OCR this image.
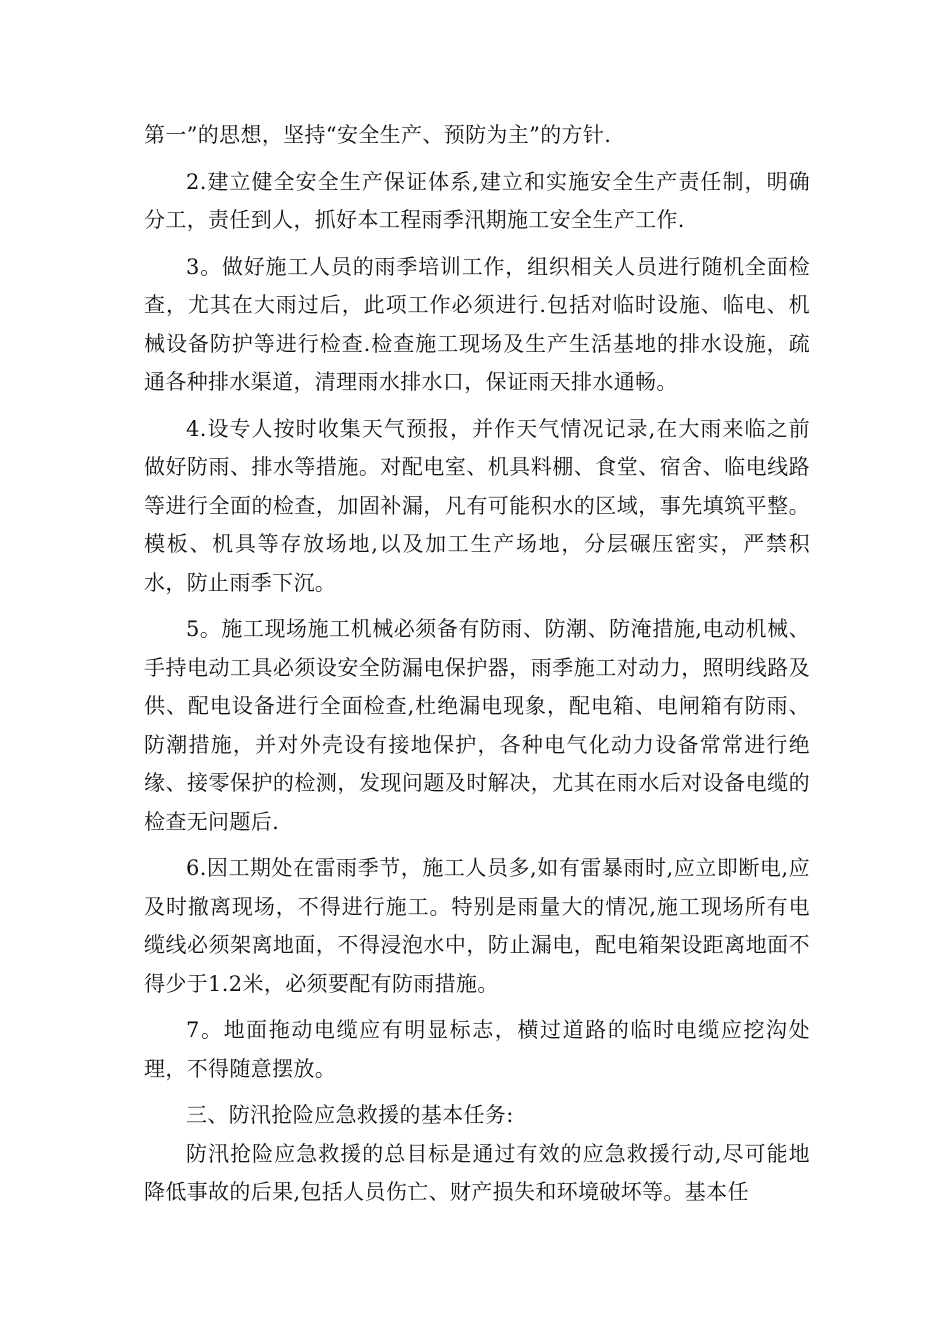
第一”的思想，坚持“安全生产、预防为主”的方针.

2.建立健全安全生产保证体系,建立和实施安全生产责任制，明确分工，责任到人，抓好本工程雨季汛期施工安全生产工作.

3。做好施工人员的雨季培训工作，组织相关人员进行随机全面检查，尤其在大雨过后，此项工作必须进行.包括对临时设施、临电、机械设备防护等进行检查.检查施工现场及生产生活基地的排水设施，疏通各种排水渠道，清理雨水排水口，保证雨天排水通畅。

4.设专人按时收集天气预报，并作天气情况记录,在大雨来临之前做好防雨、排水等措施。对配电室、机具料棚、食堂、宿舍、临电线路等进行全面的检查，加固补漏，凡有可能积水的区域，事先填筑平整。模板、机具等存放场地,以及加工生产场地，分层碾压密实，严禁积水，防止雨季下沉。

5。施工现场施工机械必须备有防雨、防潮、防淹措施,电动机械、手持电动工具必须设安全防漏电保护器，雨季施工对动力，照明线路及供、配电设备进行全面检查,杜绝漏电现象，配电箱、电闸箱有防雨、防潮措施，并对外壳设有接地保护，各种电气化动力设备常常进行绝缘、接零保护的检测，发现问题及时解决，尤其在雨水后对设备电缆的检查无问题后.

6.因工期处在雷雨季节，施工人员多,如有雷暴雨时,应立即断电,应及时撤离现场，不得进行施工。特别是雨量大的情况,施工现场所有电缆线必须架离地面，不得浸泡水中，防止漏电，配电箱架设距离地面不得少于1.2米，必须要配有防雨措施。

7。地面拖动电缆应有明显标志，横过道路的临时电缆应挖沟处理，不得随意摆放。

三、防汛抢险应急救援的基本任务:

防汛抢险应急救援的总目标是通过有效的应急救援行动,尽可能地降低事故的后果,包括人员伤亡、财产损失和环境破坏等。基本任
